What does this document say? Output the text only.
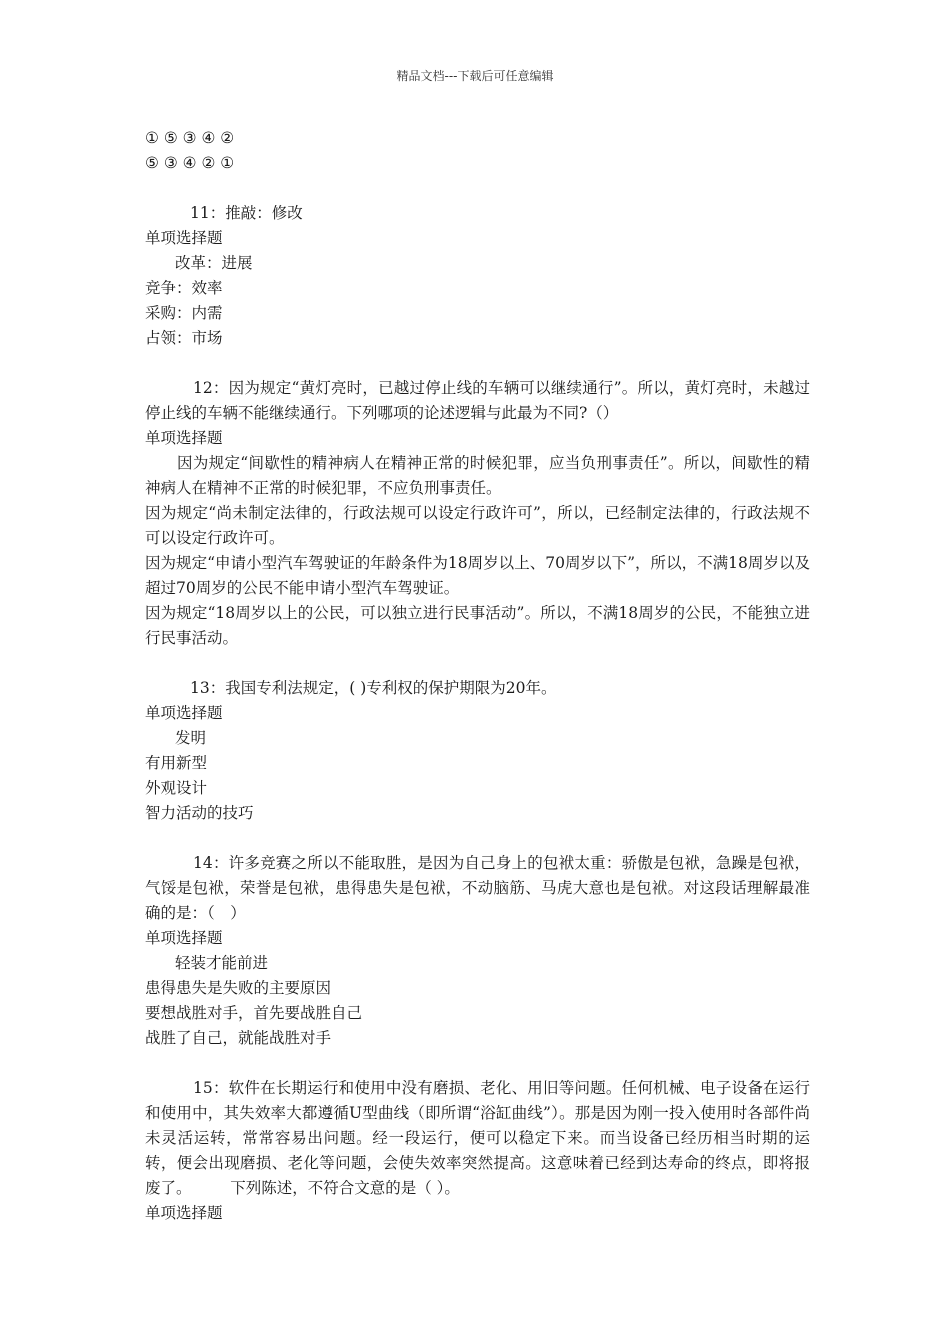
精品文档---下载后可任意编辑
① ⑤ ③ ④ ②
⑤ ③ ④ ② ①
11：推敲：修改
单项选择题
改革：进展
竞争：效率
采购：内需
占领：市场
12：因为规定“黄灯亮时，已越过停止线的车辆可以继续通行”。所以，黄灯亮时，未越过停止线的车辆不能继续通行。下列哪项的论述逻辑与此最为不同?（）
单项选择题
因为规定“间歇性的精神病人在精神正常的时候犯罪，应当负刑事责任”。所以，间歇性的精神病人在精神不正常的时候犯罪，不应负刑事责任。
因为规定“尚未制定法律的，行政法规可以设定行政许可”，所以，已经制定法律的，行政法规不可以设定行政许可。
因为规定“申请小型汽车驾驶证的年龄条件为18周岁以上、70周岁以下”，所以，不满18周岁以及超过70周岁的公民不能申请小型汽车驾驶证。
因为规定“18周岁以上的公民，可以独立进行民事活动”。所以，不满18周岁的公民，不能独立进行民事活动。
13：我国专利法规定，( )专利权的保护期限为20年。
单项选择题
发明
有用新型
外观设计
智力活动的技巧
14：许多竞赛之所以不能取胜，是因为自己身上的包袱太重：骄傲是包袱，急躁是包袱，气馁是包袱，荣誉是包袱，患得患失是包袱，不动脑筋、马虎大意也是包袱。对这段话理解最准确的是：（　）
单项选择题
轻装才能前进
患得患失是失败的主要原因
要想战胜对手，首先要战胜自己
战胜了自己，就能战胜对手
15：软件在长期运行和使用中没有磨损、老化、用旧等问题。任何机械、电子设备在运行和使用中，其失效率大都遵循U型曲线（即所谓“浴缸曲线”）。那是因为刚一投入使用时各部件尚未灵活运转，常常容易出问题。经一段运行，便可以稳定下来。而当设备已经历相当时期的运转，便会出现磨损、老化等问题，会使失效率突然提高。这意味着已经到达寿命的终点，即将报废了。　　　下列陈述，不符合文意的是（ ）。
单项选择题
